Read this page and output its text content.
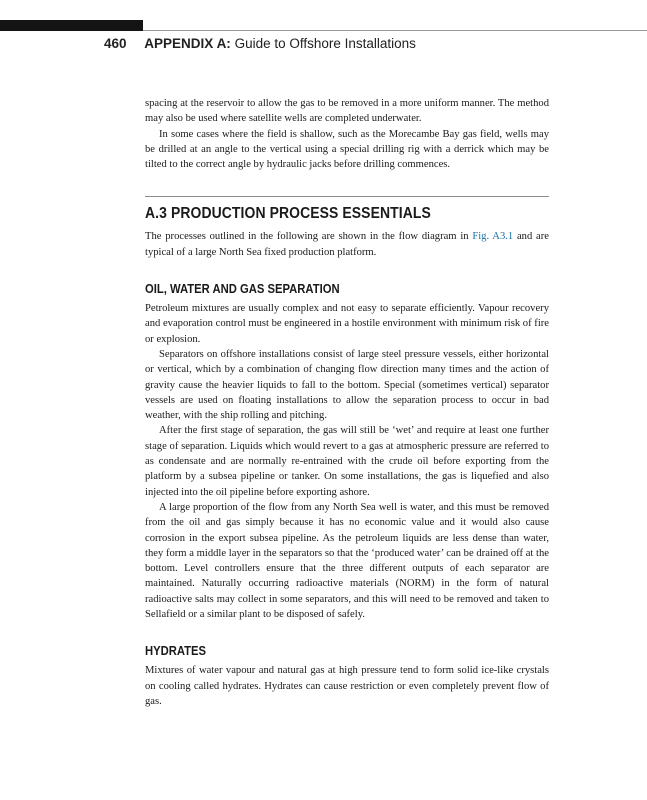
460 APPENDIX A: Guide to Offshore Installations

spacing at the reservoir to allow the gas to be removed in a more uniform manner. The method may also be used where satellite wells are completed underwater.

In some cases where the field is shallow, such as the Morecambe Bay gas field, wells may be drilled at an angle to the vertical using a special drilling rig with a derrick which may be tilted to the correct angle by hydraulic jacks before drilling commences.

A.3 PRODUCTION PROCESS ESSENTIALS

The processes outlined in the following are shown in the flow diagram in Fig. A3.1 and are typical of a large North Sea fixed production platform.

OIL, WATER AND GAS SEPARATION

Petroleum mixtures are usually complex and not easy to separate efficiently. Vapour recovery and evaporation control must be engineered in a hostile environment with minimum risk of fire or explosion.

Separators on offshore installations consist of large steel pressure vessels, either horizontal or vertical, which by a combination of changing flow direction many times and the action of gravity cause the heavier liquids to fall to the bottom. Special (sometimes vertical) separator vessels are used on floating installations to allow the separation process to occur in bad weather, with the ship rolling and pitching.

After the first stage of separation, the gas will still be ‘wet’ and require at least one further stage of separation. Liquids which would revert to a gas at atmospheric pressure are referred to as condensate and are normally re-entrained with the crude oil before exporting from the platform by a subsea pipeline or tanker. On some installations, the gas is liquefied and also injected into the oil pipeline before exporting ashore.

A large proportion of the flow from any North Sea well is water, and this must be removed from the oil and gas simply because it has no economic value and it would also cause corrosion in the export subsea pipeline. As the petroleum liquids are less dense than water, they form a middle layer in the separators so that the ‘produced water’ can be drained off at the bottom. Level controllers ensure that the three different outputs of each separator are maintained. Naturally occurring radioactive materials (NORM) in the form of natural radioactive salts may collect in some separators, and this will need to be removed and taken to Sellafield or a similar plant to be disposed of safely.

HYDRATES

Mixtures of water vapour and natural gas at high pressure tend to form solid ice-like crystals on cooling called hydrates. Hydrates can cause restriction or even completely prevent flow of gas.
